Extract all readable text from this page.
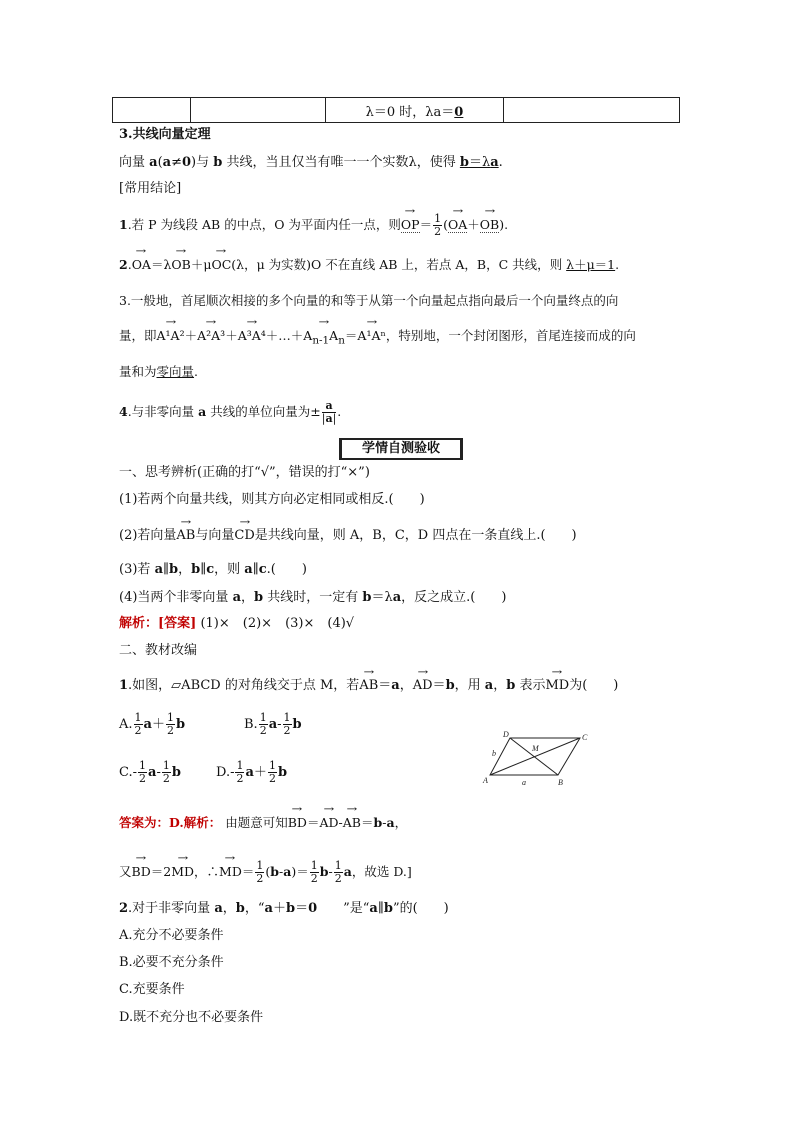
		λ＝0 时，λa＝0	
3.共线向量定理
向量 a(a≠0)与 b 共线，当且仅当有唯一一个实数λ，使得 b＝λa.
[常用结论]
1.若 P 为线段 AB 的中点，O 为平面内任一点，则→ $OP= \frac{1}{2}$ (→ OA＋→ OB).
2.→ OA＝λ→ OB＋μ→ OC(λ，μ 为实数)O 不在直线 AB 上，若点 A，B，C 共线，则 λ＋μ＝1.
3.一般地，首尾顺次相接的多个向量的和等于从第一个向量起点指向最后一个向量终点的向
量，即→ A¹A²＋→ A²A³＋→ A³A⁴＋…＋→ $A_{n-1}A_n=\to A^1A^n$，特别地，一个封闭图形，首尾连接而成的向
量和为零向量.
4.与非零向量 a 共线的单位向量为± $\frac{a}{|a|}$ .
学情自测验收
一、思考辨析(正确的打“√”，错误的打“×”)
(1)若两个向量共线，则其方向必定相同或相反.(　　)
(2)若向量→ AB与向量→ CD是共线向量，则 A，B，C，D 四点在一条直线上.(　　)
(3)若 a∥b，b∥c，则 a∥c.(　　)
(4)当两个非零向量 a，b 共线时，一定有 b＝λa，反之成立.(　　)
解析：[答案] (1)×　(2)×　(3)×　(4)√
二、教材改编
1.如图，▱ABCD 的对角线交于点 M，若→ AB＝a，→ AD＝b，用 a，b 表示→ MD为(　　)
A. $\frac{1}{2} a+ \frac{1}{2}$ b	B. $\frac{1}{2} a- \frac{1}{2}$ b
$C.- \frac{1}{2} a- \frac{1}{2}$ b	$D.- \frac{1}{2} a+ \frac{1}{2}$ b
D	C
M
b
A	a	B
答案为：D.解析： 由题意可知→ BD＝→ AD-→ AB＝b-a，
又→ BD＝2→ MD，∴→ $MD= \frac{1}{2} (b-a)= \frac{1}{2} b- \frac{1}{2}$ a，故选 D.]
2.对于非零向量 a，b，“a＋b＝0　　”是“a∥b”的(　　)
A.充分不必要条件
B.必要不充分条件
C.充要条件
D.既不充分也不必要条件
